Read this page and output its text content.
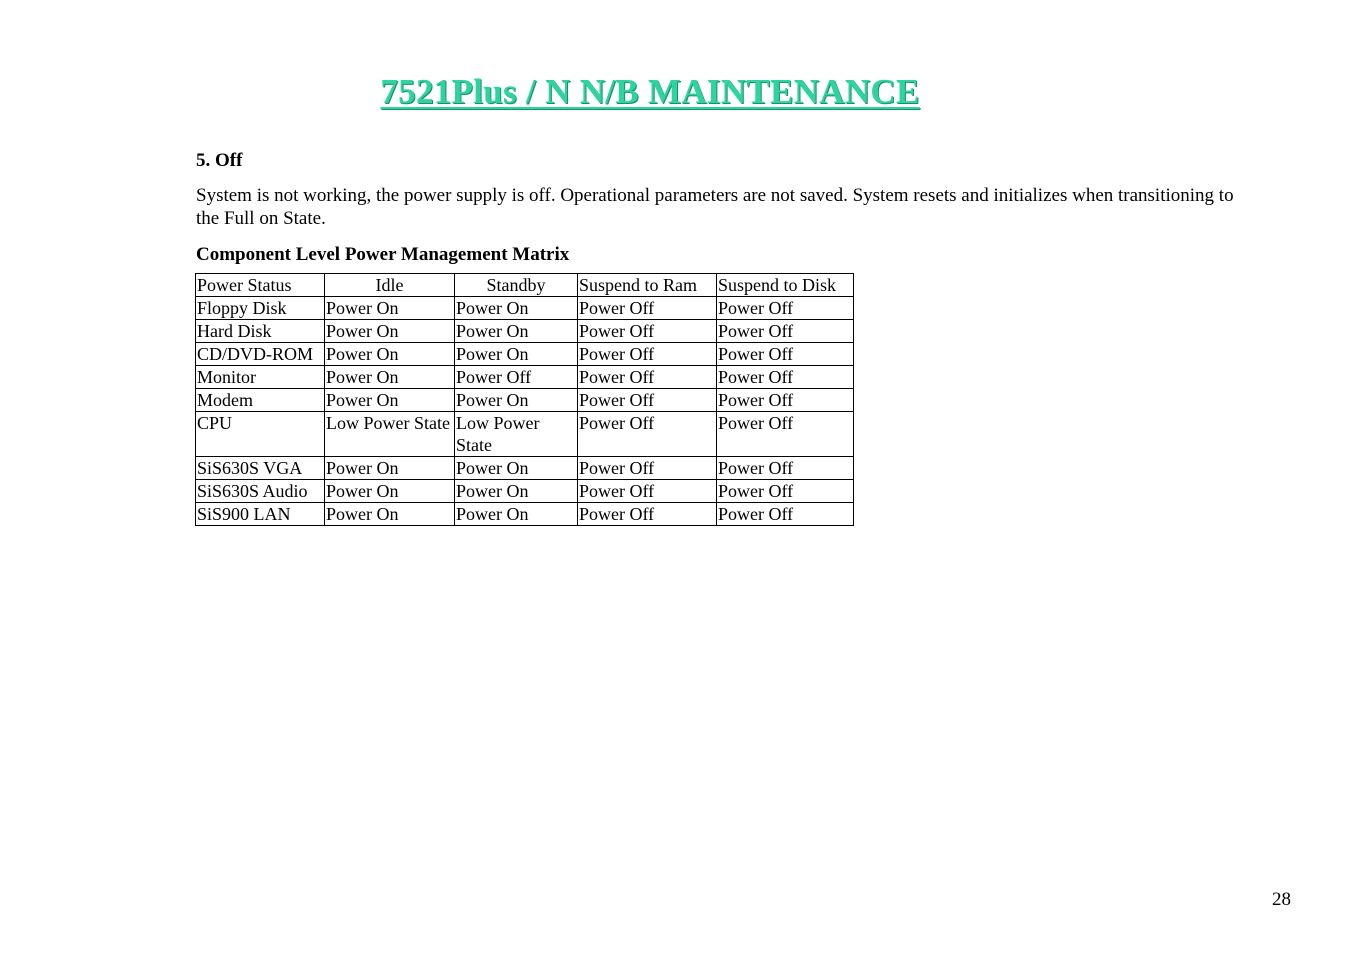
7521Plus / N N/B MAINTENANCE
5. Off
System is not working, the power supply is off. Operational parameters are not saved. System resets and initializes when transitioning to the Full on State.
Component Level Power Management Matrix
Power Status	Idle	Standby	Suspend to Ram	Suspend to Disk
Floppy Disk	Power On	Power On	Power Off	Power Off
Hard Disk	Power On	Power On	Power Off	Power Off
CD/DVD-ROM	Power On	Power On	Power Off	Power Off
Monitor	Power On	Power Off	Power Off	Power Off
Modem	Power On	Power On	Power Off	Power Off
CPU	Low Power State	Low Power State	Power Off	Power Off
SiS630S VGA	Power On	Power On	Power Off	Power Off
SiS630S Audio	Power On	Power On	Power Off	Power Off
SiS900 LAN	Power On	Power On	Power Off	Power Off
28
